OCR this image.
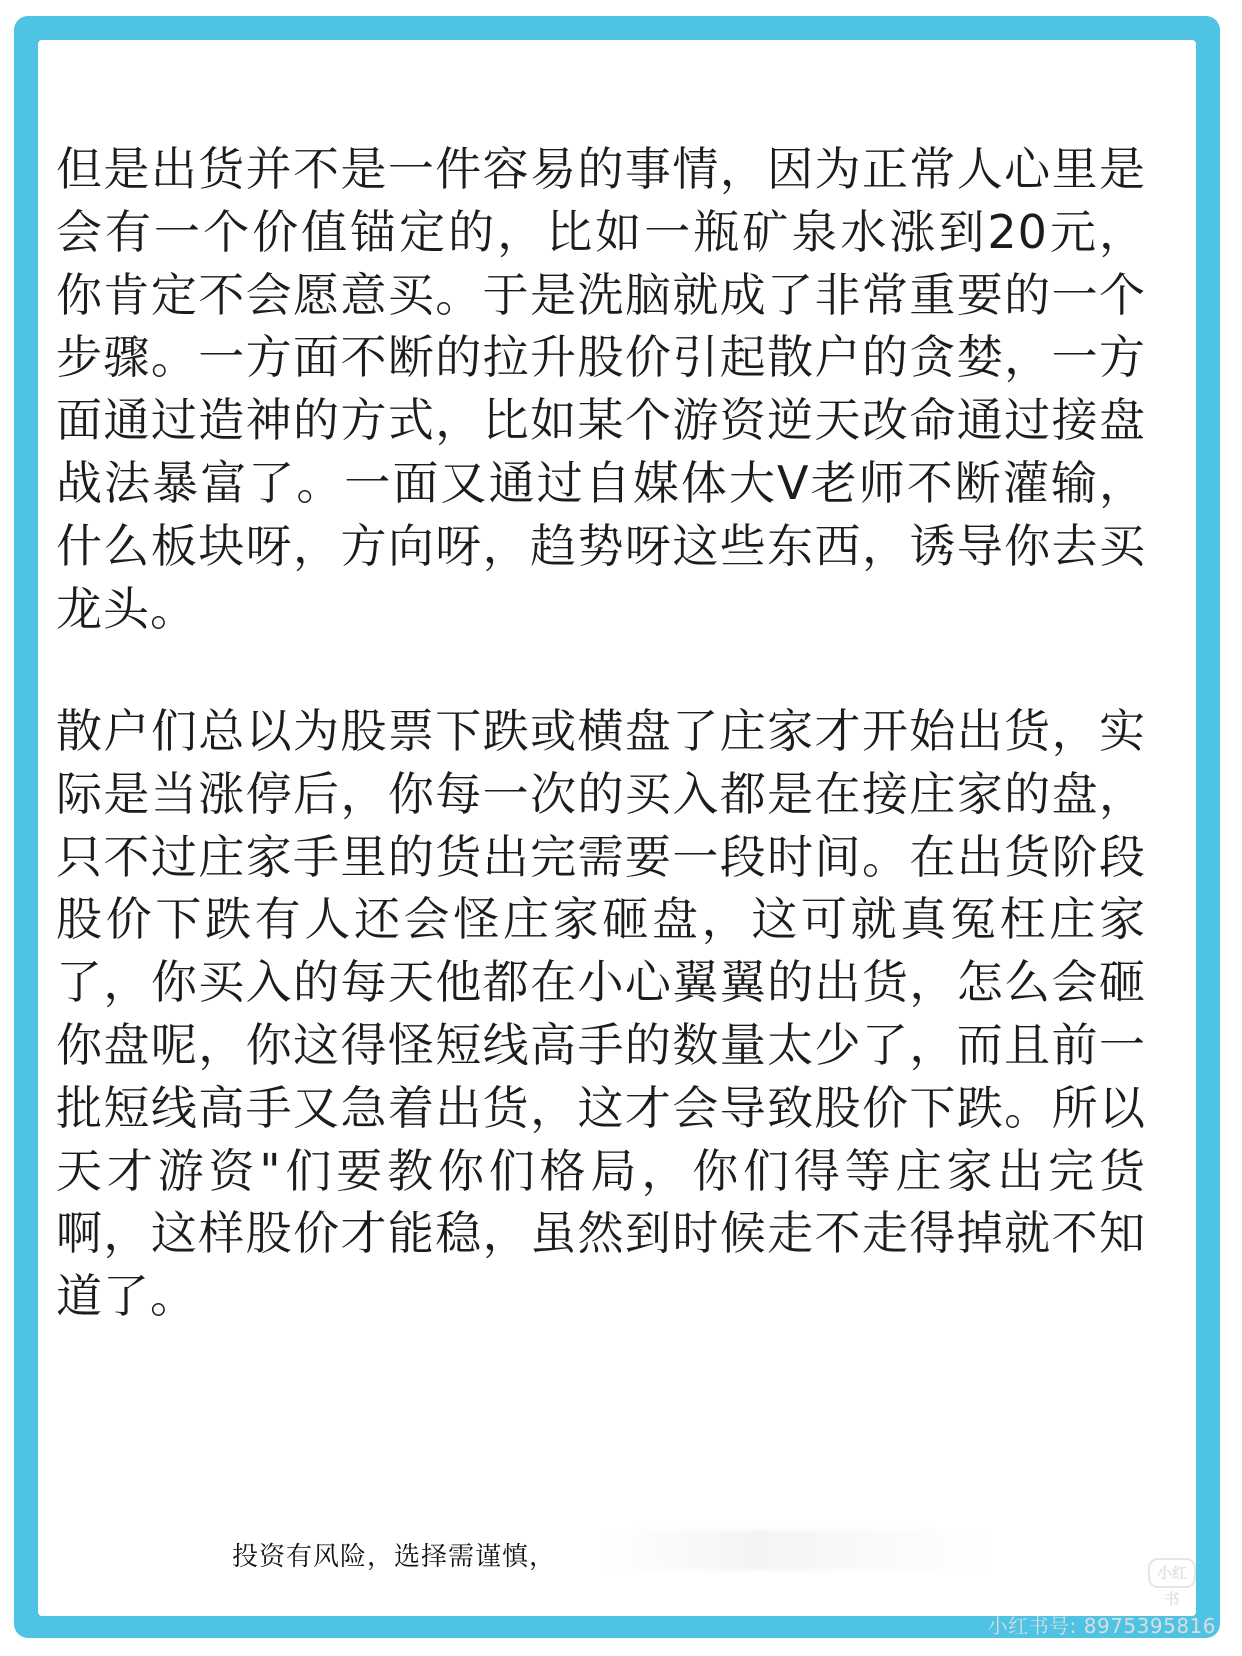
但是出货并不是一件容易的事情，因为正常人心里是会有一个价值锚定的，比如一瓶矿泉水涨到20元，你肯定不会愿意买。于是洗脑就成了非常重要的一个步骤。一方面不断的拉升股价引起散户的贪婪，一方面通过造神的方式，比如某个游资逆天改命通过接盘战法暴富了。一面又通过自媒体大V老师不断灌输，什么板块呀，方向呀，趋势呀这些东西，诱导你去买龙头。

散户们总以为股票下跌或横盘了庄家才开始出货，实际是当涨停后，你每一次的买入都是在接庄家的盘，只不过庄家手里的货出完需要一段时间。在出货阶段股价下跌有人还会怪庄家砸盘，这可就真冤枉庄家了，你买入的每天他都在小心翼翼的出货，怎么会砸你盘呢，你这得怪短线高手的数量太少了，而且前一批短线高手又急着出货，这才会导致股价下跌。所以天才游资"们要教你们格局，你们得等庄家出完货啊，这样股价才能稳，虽然到时候走不走得掉就不知道了。

投资有风险，选择需谨慎，
小红书
小红书号: 8975395816
